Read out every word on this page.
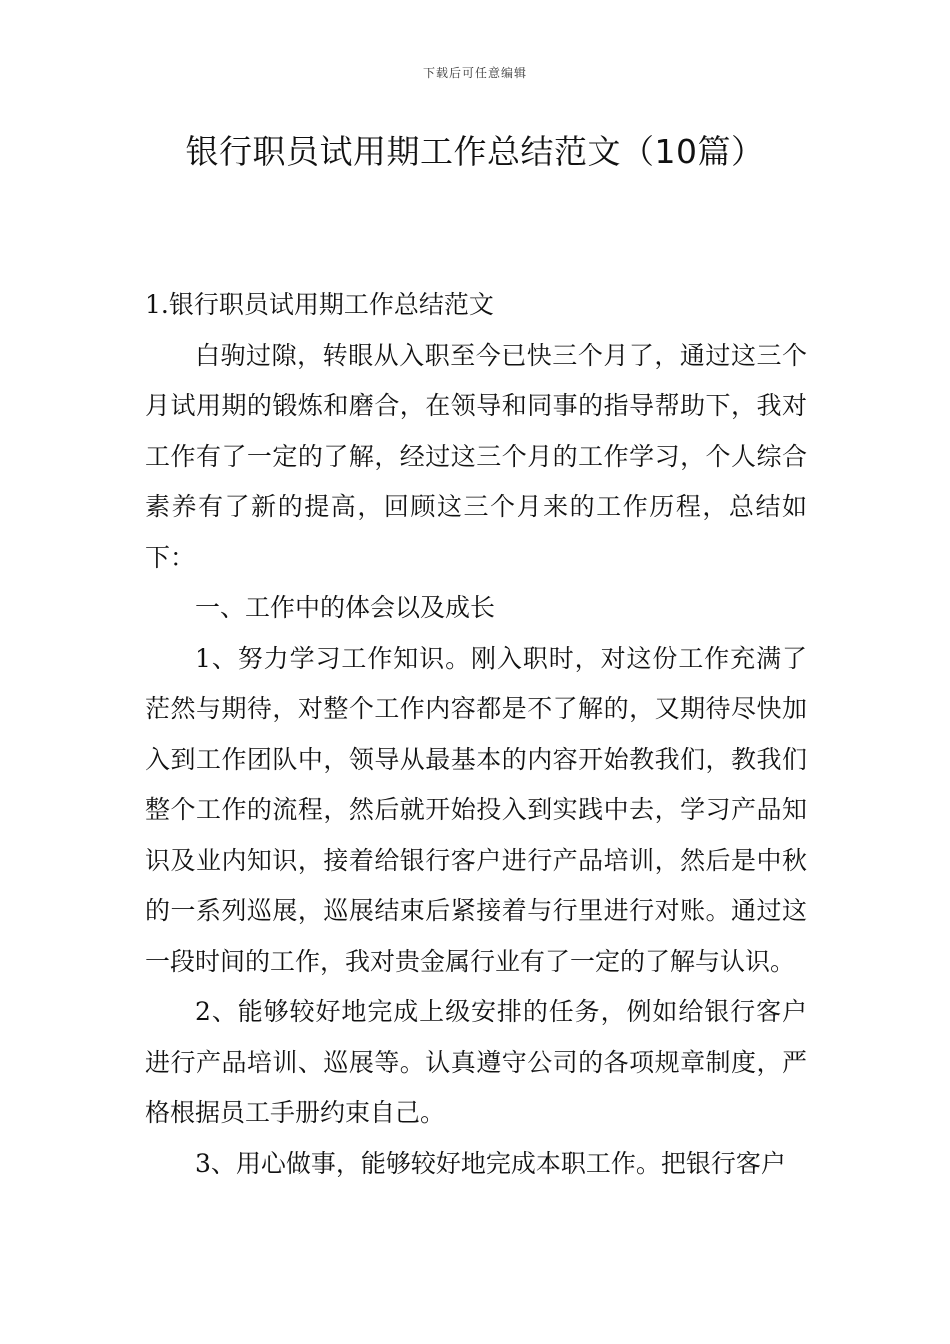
下载后可任意编辑
银行职员试用期工作总结范文（10篇）

1.银行职员试用期工作总结范文

白驹过隙，转眼从入职至今已快三个月了，通过这三个月试用期的锻炼和磨合，在领导和同事的指导帮助下，我对工作有了一定的了解，经过这三个月的工作学习，个人综合素养有了新的提高，回顾这三个月来的工作历程，总结如下：

一、工作中的体会以及成长

1、努力学习工作知识。刚入职时，对这份工作充满了茫然与期待，对整个工作内容都是不了解的，又期待尽快加入到工作团队中，领导从最基本的内容开始教我们，教我们整个工作的流程，然后就开始投入到实践中去，学习产品知识及业内知识，接着给银行客户进行产品培训，然后是中秋的一系列巡展，巡展结束后紧接着与行里进行对账。通过这一段时间的工作，我对贵金属行业有了一定的了解与认识。

2、能够较好地完成上级安排的任务，例如给银行客户进行产品培训、巡展等。认真遵守公司的各项规章制度，严格根据员工手册约束自己。

3、用心做事，能够较好地完成本职工作。把银行客户
